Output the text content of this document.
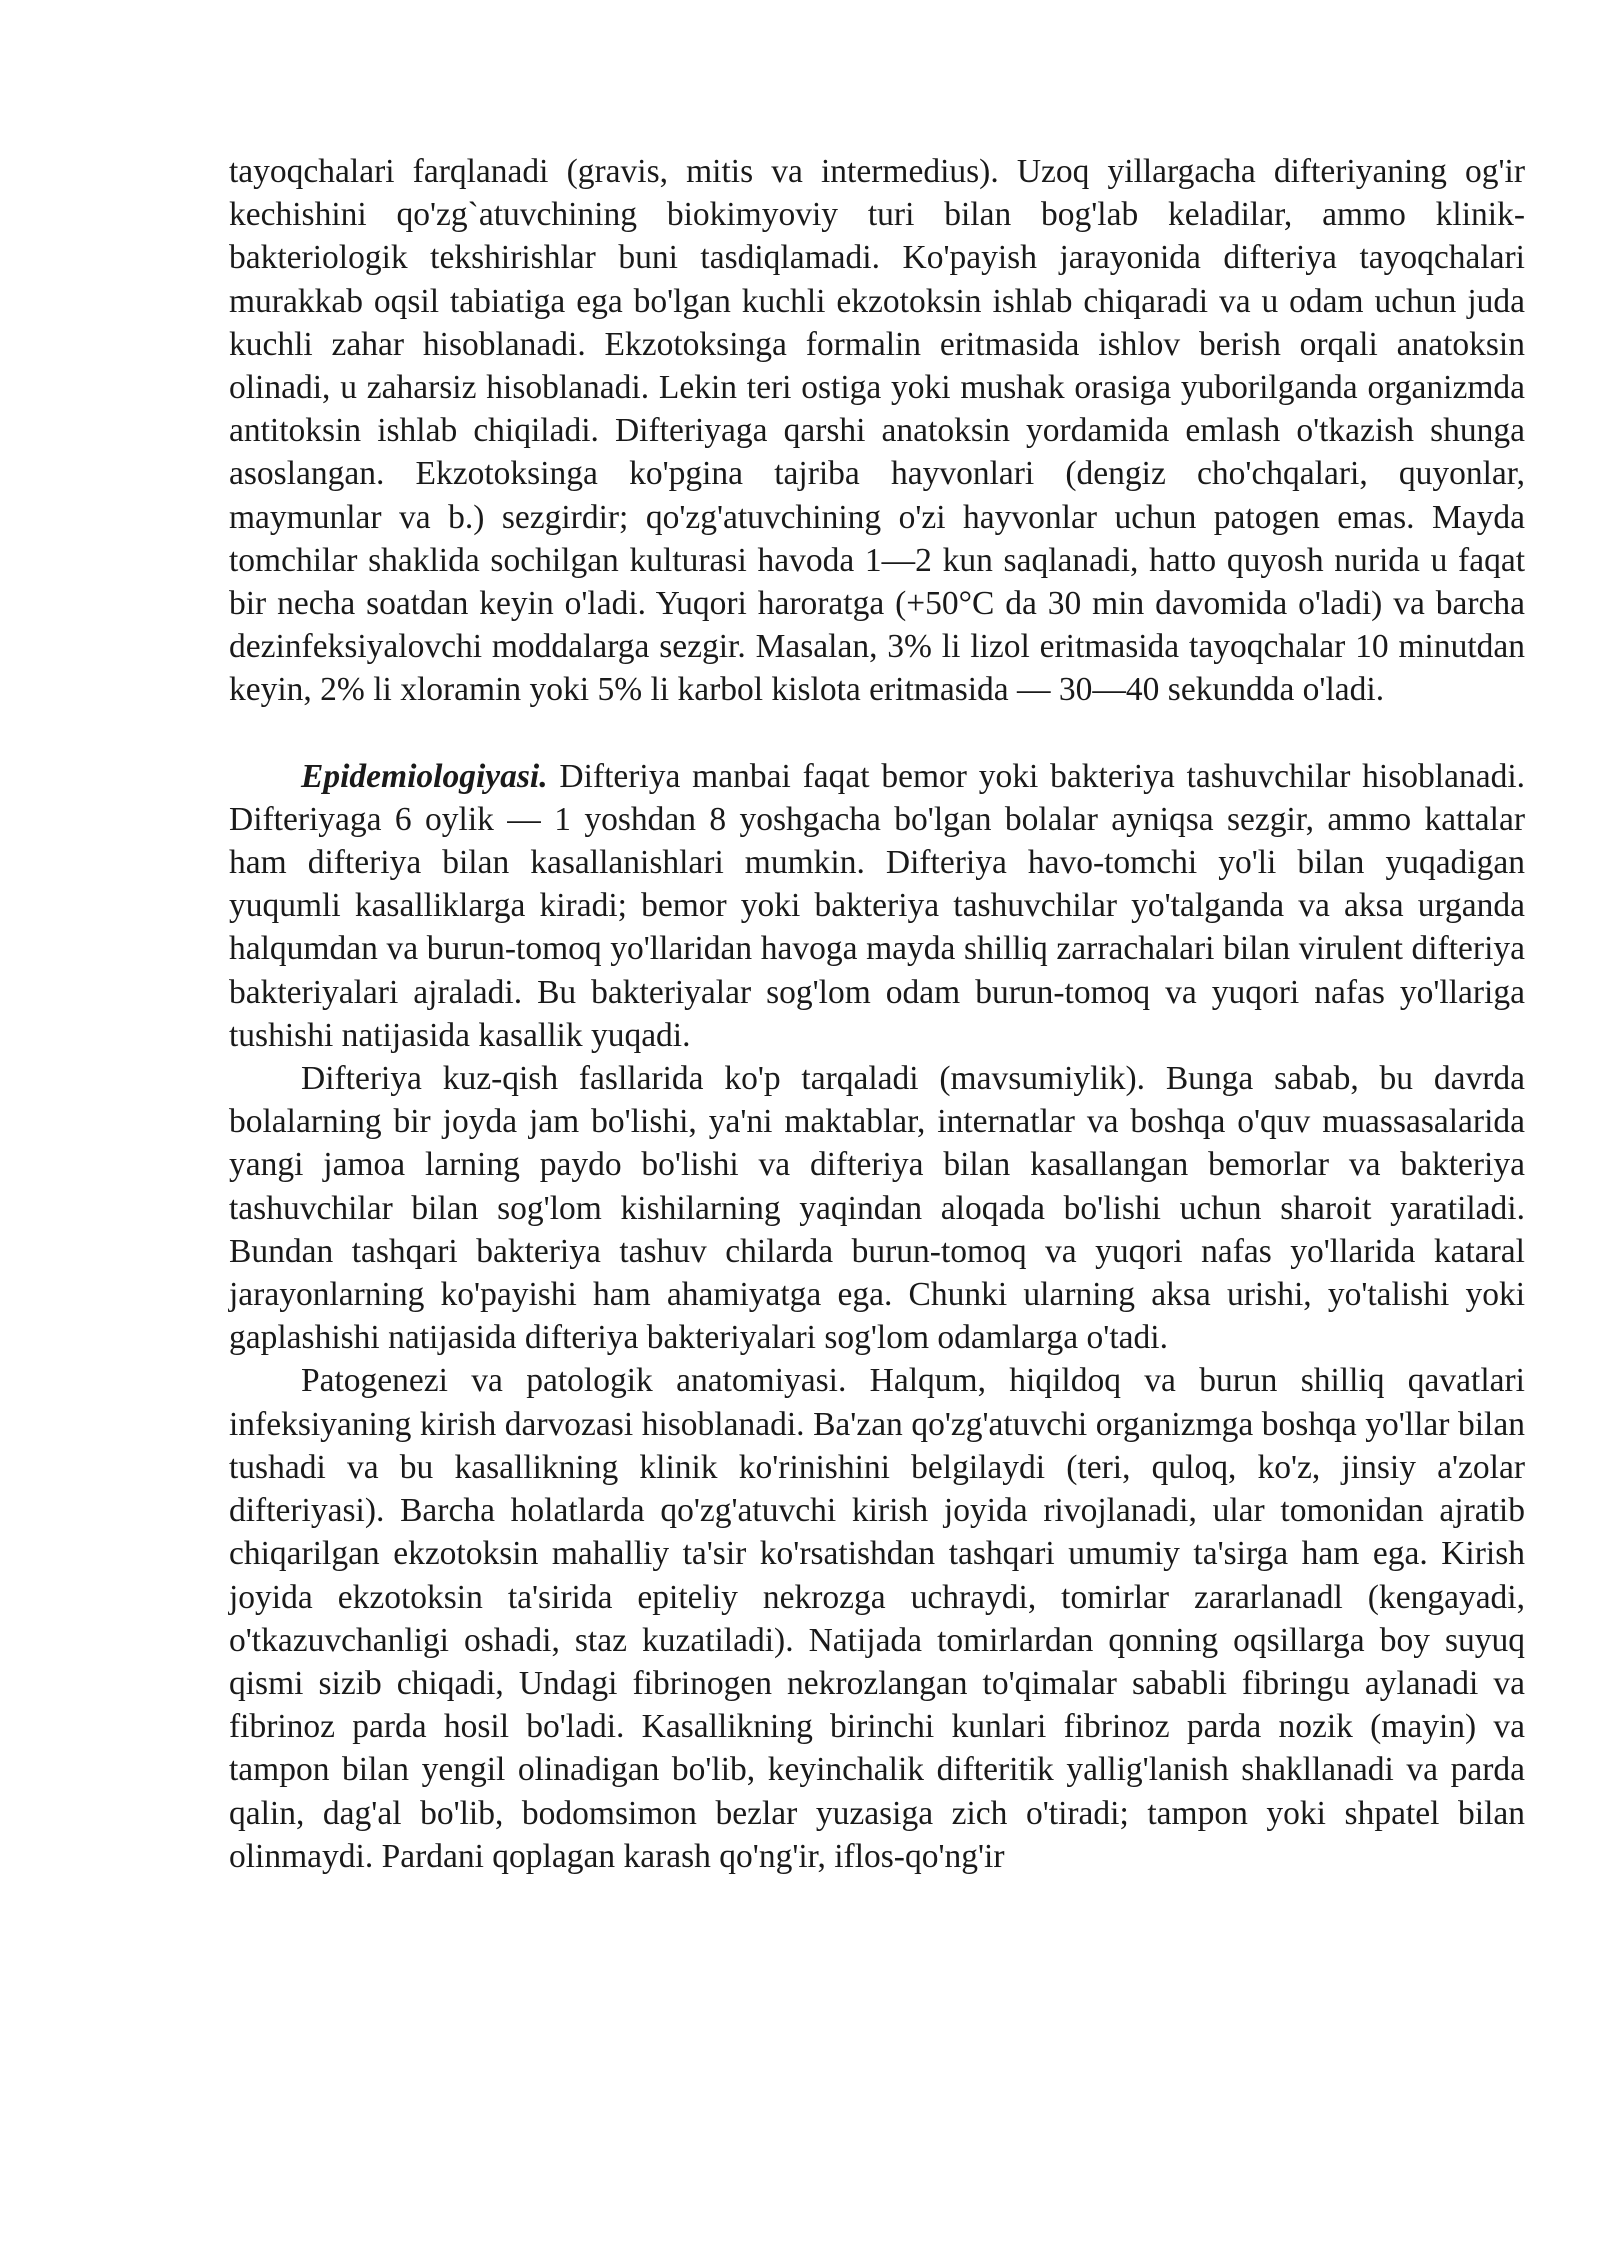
tayoqchalari farqlanadi (gravis, mitis va intermedius). Uzoq yillargacha difteriyaning og'ir kechishini qo'zg`atuvchining biokimyoviy turi bilan bog'lab keladilar, ammo klinik-bakteriologik tekshirishlar buni tasdiqlamadi. Ko'payish jarayonida difteriya tayoqchalari murakkab oqsil tabiatiga ega bo'lgan kuchli ekzotoksin ishlab chiqaradi va u odam uchun juda kuchli zahar hisoblanadi. Ekzotoksinga formalin eritmasida ishlov berish orqali anatoksin olinadi, u zaharsiz hisoblanadi. Lekin teri ostiga yoki mushak orasiga yuborilganda organizmda antitoksin ishlab chiqiladi. Difteriyaga qarshi anatoksin yordamida emlash o'tkazish shunga asoslangan. Ekzotoksinga ko'pgina tajriba hayvonlari (dengiz cho'chqalari, quyonlar, maymunlar va b.) sezgirdir; qo'zg'atuvchining o'zi hayvonlar uchun patogen emas. Mayda tomchilar shaklida sochilgan kulturasi havoda 1—2 kun saqlanadi, hatto quyosh nurida u faqat bir necha soatdan keyin o'ladi. Yuqori haroratga (+50°C da 30 min davomida o'ladi) va barcha dezinfeksiyalovchi moddalarga sezgir. Masalan, 3% li lizol eritmasida tayoqchalar 10 minutdan keyin, 2% li xloramin yoki 5% li karbol kislota eritmasida — 30—40 sekundda o'ladi.

Epidemiologiyasi. Difteriya manbai faqat bemor yoki bakteriya tashuvchilar hisoblanadi. Difteriyaga 6 oylik — 1 yoshdan 8 yoshgacha bo'lgan bolalar ayniqsa sezgir, ammo kattalar ham difteriya bilan kasallanishlari mumkin. Difteriya havo-tomchi yo'li bilan yuqadigan yuqumli kasalliklarga kiradi; bemor yoki bakteriya tashuvchilar yo'talganda va aksa urganda halqumdan va burun-tomoq yo'llaridan havoga mayda shilliq zarrachalari bilan virulent difteriya bakteriyalari ajraladi. Bu bakteriyalar sog'lom odam burun-tomoq va yuqori nafas yo'llariga tushishi natijasida kasallik yuqadi.

Difteriya kuz-qish fasllarida ko'p tarqaladi (mavsumiylik). Bunga sabab, bu davrda bolalarning bir joyda jam bo'lishi, ya'ni maktablar, internatlar va boshqa o'quv muassasalarida yangi jamoa larning paydo bo'lishi va difteriya bilan kasallangan bemorlar va bakteriya tashuvchilar bilan sog'lom kishilarning yaqindan aloqada bo'lishi uchun sharoit yaratiladi. Bundan tashqari bakteriya tashuv chilarda burun-tomoq va yuqori nafas yo'llarida kataral jarayonlarning ko'payishi ham ahamiyatga ega. Chunki ularning aksa urishi, yo'talishi yoki gaplashishi natijasida difteriya bakteriyalari sog'lom odamlarga o'tadi.

Patogenezi va patologik anatomiyasi. Halqum, hiqildoq va burun shilliq qavatlari infeksiyaning kirish darvozasi hisoblanadi. Ba'zan qo'zg'atuvchi organizmga boshqa yo'llar bilan tushadi va bu kasallikning klinik ko'rinishini belgilaydi (teri, quloq, ko'z, jinsiy a'zolar difteriyasi). Barcha holatlarda qo'zg'atuvchi kirish joyida rivojlanadi, ular tomonidan ajratib chiqarilgan ekzotoksin mahalliy ta'sir ko'rsatishdan tashqari umumiy ta'sirga ham ega. Kirish joyida ekzotoksin ta'sirida epiteliy nekrozga uchraydi, tomirlar zararlanadl (kengayadi, o'tkazuvchanligi oshadi, staz kuzatiladi). Natijada tomirlardan qonning oqsillarga boy suyuq qismi sizib chiqadi, Undagi fibrinogen nekrozlangan to'qimalar sababli fibringu aylanadi va fibrinoz parda hosil bo'ladi. Kasallikning birinchi kunlari fibrinoz parda nozik (mayin) va tampon bilan yengil olinadigan bo'lib, keyinchalik difteritik yallig'lanish shakllanadi va parda qalin, dag'al bo'lib, bodomsimon bezlar yuzasiga zich o'tiradi; tampon yoki shpatel bilan olinmaydi. Pardani qoplagan karash qo'ng'ir, iflos-qo'ng'ir
